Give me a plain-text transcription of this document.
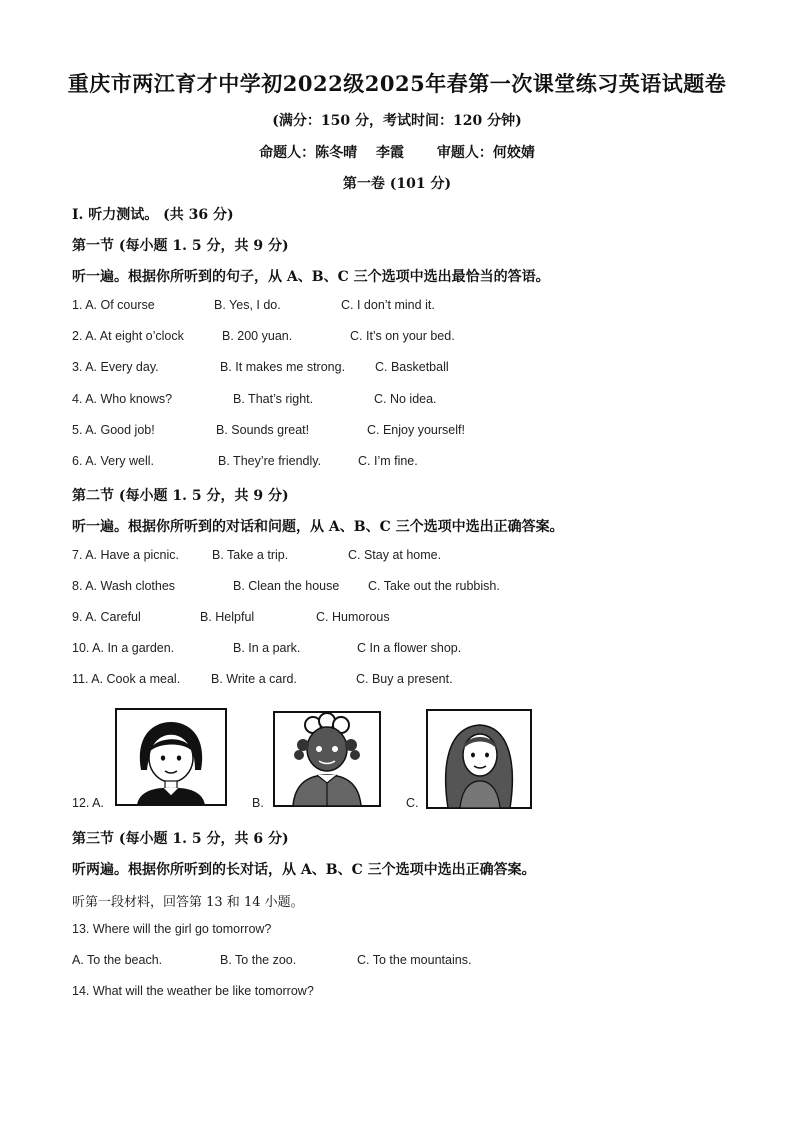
重庆市两江育才中学初2022级2025年春第一次课堂练习英语试题卷
(满分：150 分，考试时间：120 分钟)
命题人：陈冬晴　 李霞　　 审题人：何姣婧
第一卷 (101 分)
I. 听力测试。 (共 36 分)
第一节 (每小题 1. 5 分，共 9 分)
听一遍。根据你所听到的句子，从 A、B、C 三个选项中选出最恰当的答语。
1. A. Of course	B. Yes, I do.	C. I don’t mind it.
2. A. At eight o’clock	B. 200 yuan.	C. It’s on your bed.
3. A. Every day.	B. It makes me strong. C. Basketball
4. A. Who knows?	B. That’s right.	C. No idea.
5. A. Good job!	B. Sounds great!	C. Enjoy yourself!
6. A. Very well.	B. They’re friendly.	C. I’m fine.
第二节 (每小题 1. 5 分，共 9 分)
听一遍。根据你所听到的对话和问题，从 A、B、C 三个选项中选出正确答案。
7. A. Have a picnic.	B. Take a trip.	C. Stay at home.
8. A. Wash clothes	B. Clean the house C. Take out the rubbish.
9. A. Careful	B. Helpful	C. Humorous
10. A. In a garden.	B. In a park.	C In a flower shop.
11. A. Cook a meal. B. Write a card.	C. Buy a present.
12. A.	B.	C.
第三节 (每小题 1. 5 分，共 6 分)
听两遍。根据你所听到的长对话，从 A、B、C 三个选项中选出正确答案。
听第一段材料，回答第 13 和 14 小题。
13. Where will the girl go tomorrow?
A. To the beach.	B. To the zoo.	C. To the mountains.
14. What will the weather be like tomorrow?
